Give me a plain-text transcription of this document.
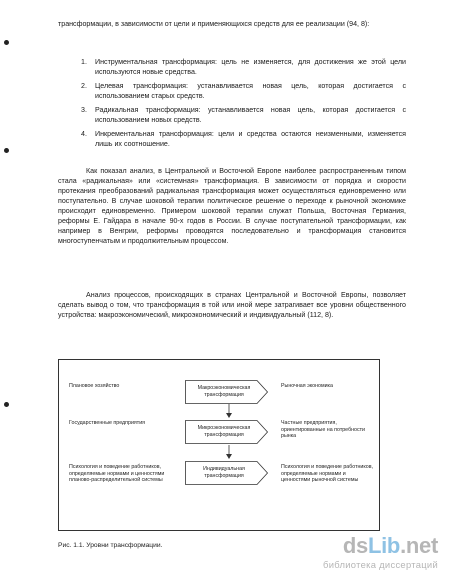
трансформации, в зависимости от цели и применяющихся средств для ее реализации (94, 8):
1. Инструментальная трансформация: цель не изменяется, для достижения же этой цели используются новые средства.
2. Целевая трансформация: устанавливается новая цель, которая достигается с использованием старых средств.
3. Радикальная трансформация: устанавливается новая цель, которая достигается с использованием новых средств.
4. Инкрементальная трансформация: цели и средства остаются неизменными, изменяется лишь их соотношение.
Как показал анализ, в Центральной и Восточной Европе наиболее распространенным типом стала «радикальная» или «системная» трансформация. В зависимости от порядка и скорости протекания преобразований радикальная трансформация может осуществляться единовременно или поступательно. В случае шоковой терапии политическое решение о переходе к рыночной экономике происходит единовременно. Примером шоковой терапии служат Польша, Восточная Германия, реформы Е. Гайдара в начале 90-х годов в России. В случае поступательной трансформации, как например в Венгрии, реформы проводятся последовательно и трансформация становится многоступенчатым и продолжительным процессом.
Анализ процессов, происходящих в странах Центральной и Восточной Европы, позволяет сделать вывод о том, что трансформация в той или иной мере затрагивает все уровни общественного устройства: макроэкономический, микроэкономический и индивидуальный (112, 8).
Плановое хозяйство
Государственные предприятия
Психология и поведение работников, определяемые нормами и ценностями планово-распределительной системы
Макроэкономическая трансформация
Микроэкономическая трансформация
Индивидуальная трансформация
Рыночная экономика
Частные предприятия, ориентированные на потребности рынка
Психология и поведение работников, определяемые нормами и ценностями рыночной системы
Рис. 1.1. Уровни трансформации.	dsLib.net
библиотека диссертаций
